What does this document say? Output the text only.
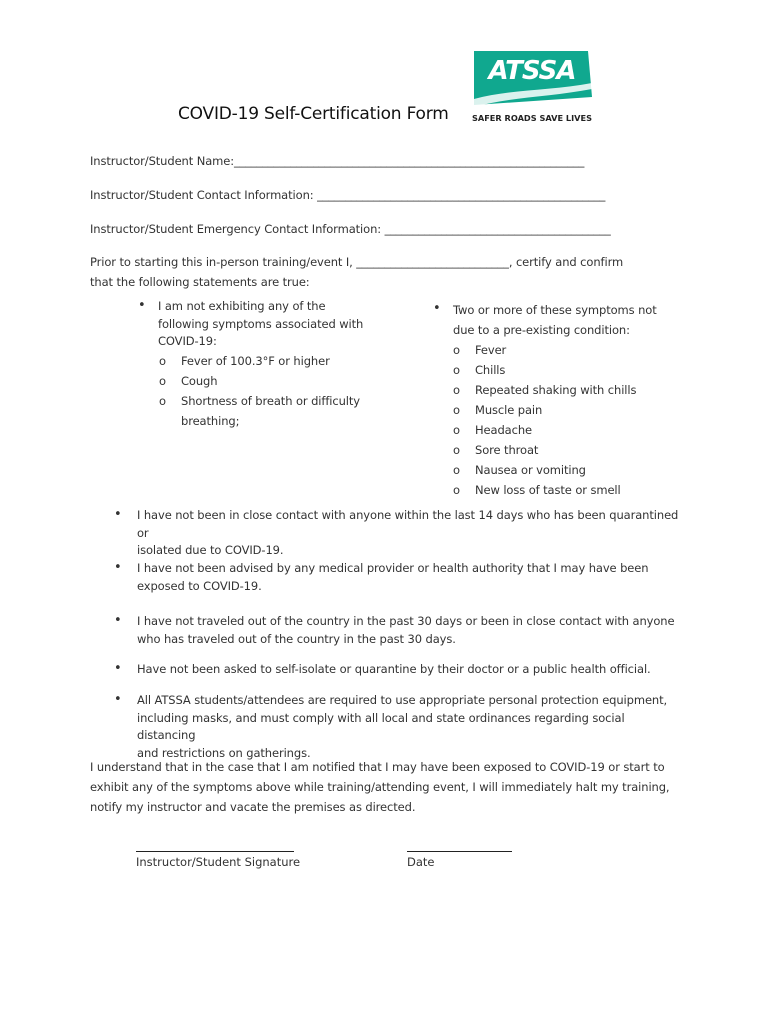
COVID-19 Self-Certification Form
ATSSA
SAFER ROADS SAVE LIVES
Instructor/Student Name:______________________________________________________________
Instructor/Student Contact Information: ___________________________________________________
Instructor/Student Emergency Contact Information: ________________________________________
Prior to starting this in-person training/event I, ___________________________, certify and confirm
that the following statements are true:
• I am not exhibiting any of the
following symptoms associated with
COVID-19:
o Fever of 100.3°F or higher
o Cough
o Shortness of breath or difficulty
breathing;
• Two or more of these symptoms not
due to a pre-existing condition:
o Fever
o Chills
o Repeated shaking with chills
o Muscle pain
o Headache
o Sore throat
o Nausea or vomiting
o New loss of taste or smell
• I have not been in close contact with anyone within the last 14 days who has been quarantined or
isolated due to COVID-19.
• I have not been advised by any medical provider or health authority that I may have been
exposed to COVID-19.
• I have not traveled out of the country in the past 30 days or been in close contact with anyone
who has traveled out of the country in the past 30 days.
• Have not been asked to self-isolate or quarantine by their doctor or a public health official.
• All ATSSA students/attendees are required to use appropriate personal protection equipment,
including masks, and must comply with all local and state ordinances regarding social distancing
and restrictions on gatherings.
I understand that in the case that I am notified that I may have been exposed to COVID-19 or start to
exhibit any of the symptoms above while training/attending event, I will immediately halt my training,
notify my instructor and vacate the premises as directed.
Instructor/Student Signature	Date
